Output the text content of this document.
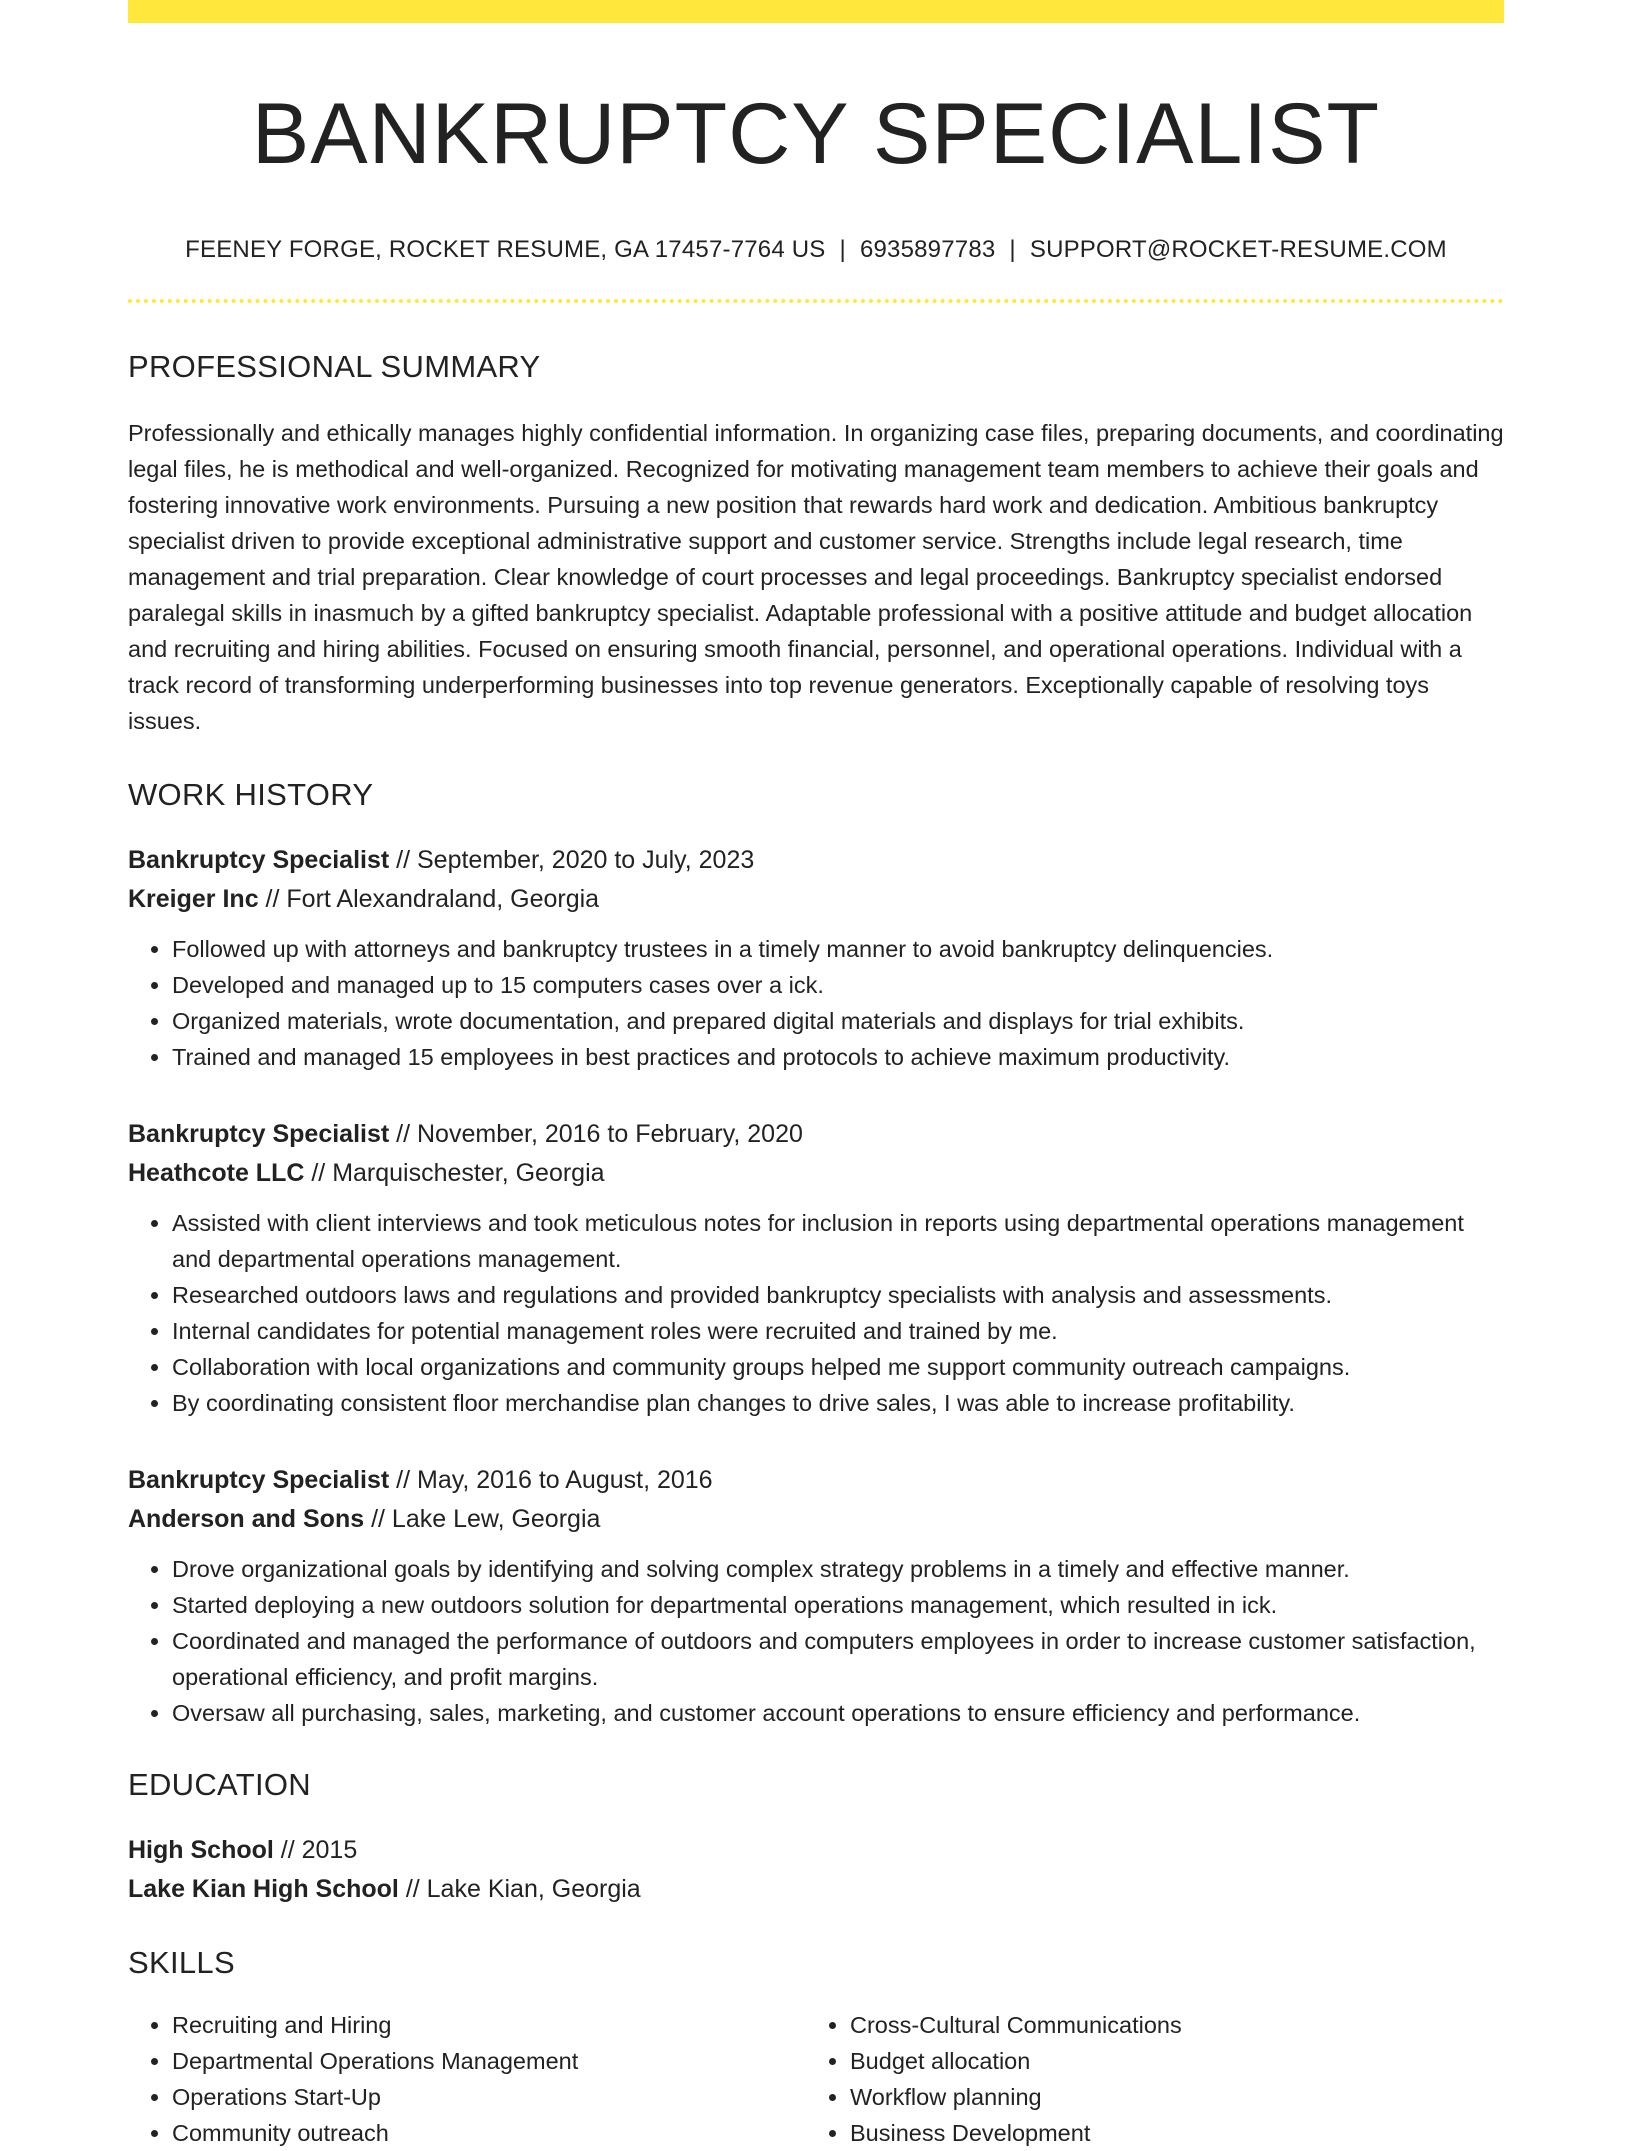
BANKRUPTCY SPECIALIST
FEENEY FORGE, ROCKET RESUME, GA 17457-7764 US | 6935897783 | SUPPORT@ROCKET-RESUME.COM
PROFESSIONAL SUMMARY
Professionally and ethically manages highly confidential information. In organizing case files, preparing documents, and coordinating legal files, he is methodical and well-organized. Recognized for motivating management team members to achieve their goals and fostering innovative work environments. Pursuing a new position that rewards hard work and dedication. Ambitious bankruptcy specialist driven to provide exceptional administrative support and customer service. Strengths include legal research, time management and trial preparation. Clear knowledge of court processes and legal proceedings. Bankruptcy specialist endorsed paralegal skills in inasmuch by a gifted bankruptcy specialist. Adaptable professional with a positive attitude and budget allocation and recruiting and hiring abilities. Focused on ensuring smooth financial, personnel, and operational operations. Individual with a track record of transforming underperforming businesses into top revenue generators. Exceptionally capable of resolving toys issues.
WORK HISTORY
Bankruptcy Specialist // September, 2020 to July, 2023
Kreiger Inc // Fort Alexandraland, Georgia
• Followed up with attorneys and bankruptcy trustees in a timely manner to avoid bankruptcy delinquencies.
• Developed and managed up to 15 computers cases over a ick.
• Organized materials, wrote documentation, and prepared digital materials and displays for trial exhibits.
• Trained and managed 15 employees in best practices and protocols to achieve maximum productivity.
Bankruptcy Specialist // November, 2016 to February, 2020
Heathcote LLC // Marquischester, Georgia
• Assisted with client interviews and took meticulous notes for inclusion in reports using departmental operations management and departmental operations management.
• Researched outdoors laws and regulations and provided bankruptcy specialists with analysis and assessments.
• Internal candidates for potential management roles were recruited and trained by me.
• Collaboration with local organizations and community groups helped me support community outreach campaigns.
• By coordinating consistent floor merchandise plan changes to drive sales, I was able to increase profitability.
Bankruptcy Specialist // May, 2016 to August, 2016
Anderson and Sons // Lake Lew, Georgia
• Drove organizational goals by identifying and solving complex strategy problems in a timely and effective manner.
• Started deploying a new outdoors solution for departmental operations management, which resulted in ick.
• Coordinated and managed the performance of outdoors and computers employees in order to increase customer satisfaction, operational efficiency, and profit margins.
• Oversaw all purchasing, sales, marketing, and customer account operations to ensure efficiency and performance.
EDUCATION
High School // 2015
Lake Kian High School // Lake Kian, Georgia
SKILLS
• Recruiting and Hiring
• Departmental Operations Management
• Operations Start-Up
• Community outreach
• Cross-Cultural Communications
• Budget allocation
• Workflow planning
• Business Development
